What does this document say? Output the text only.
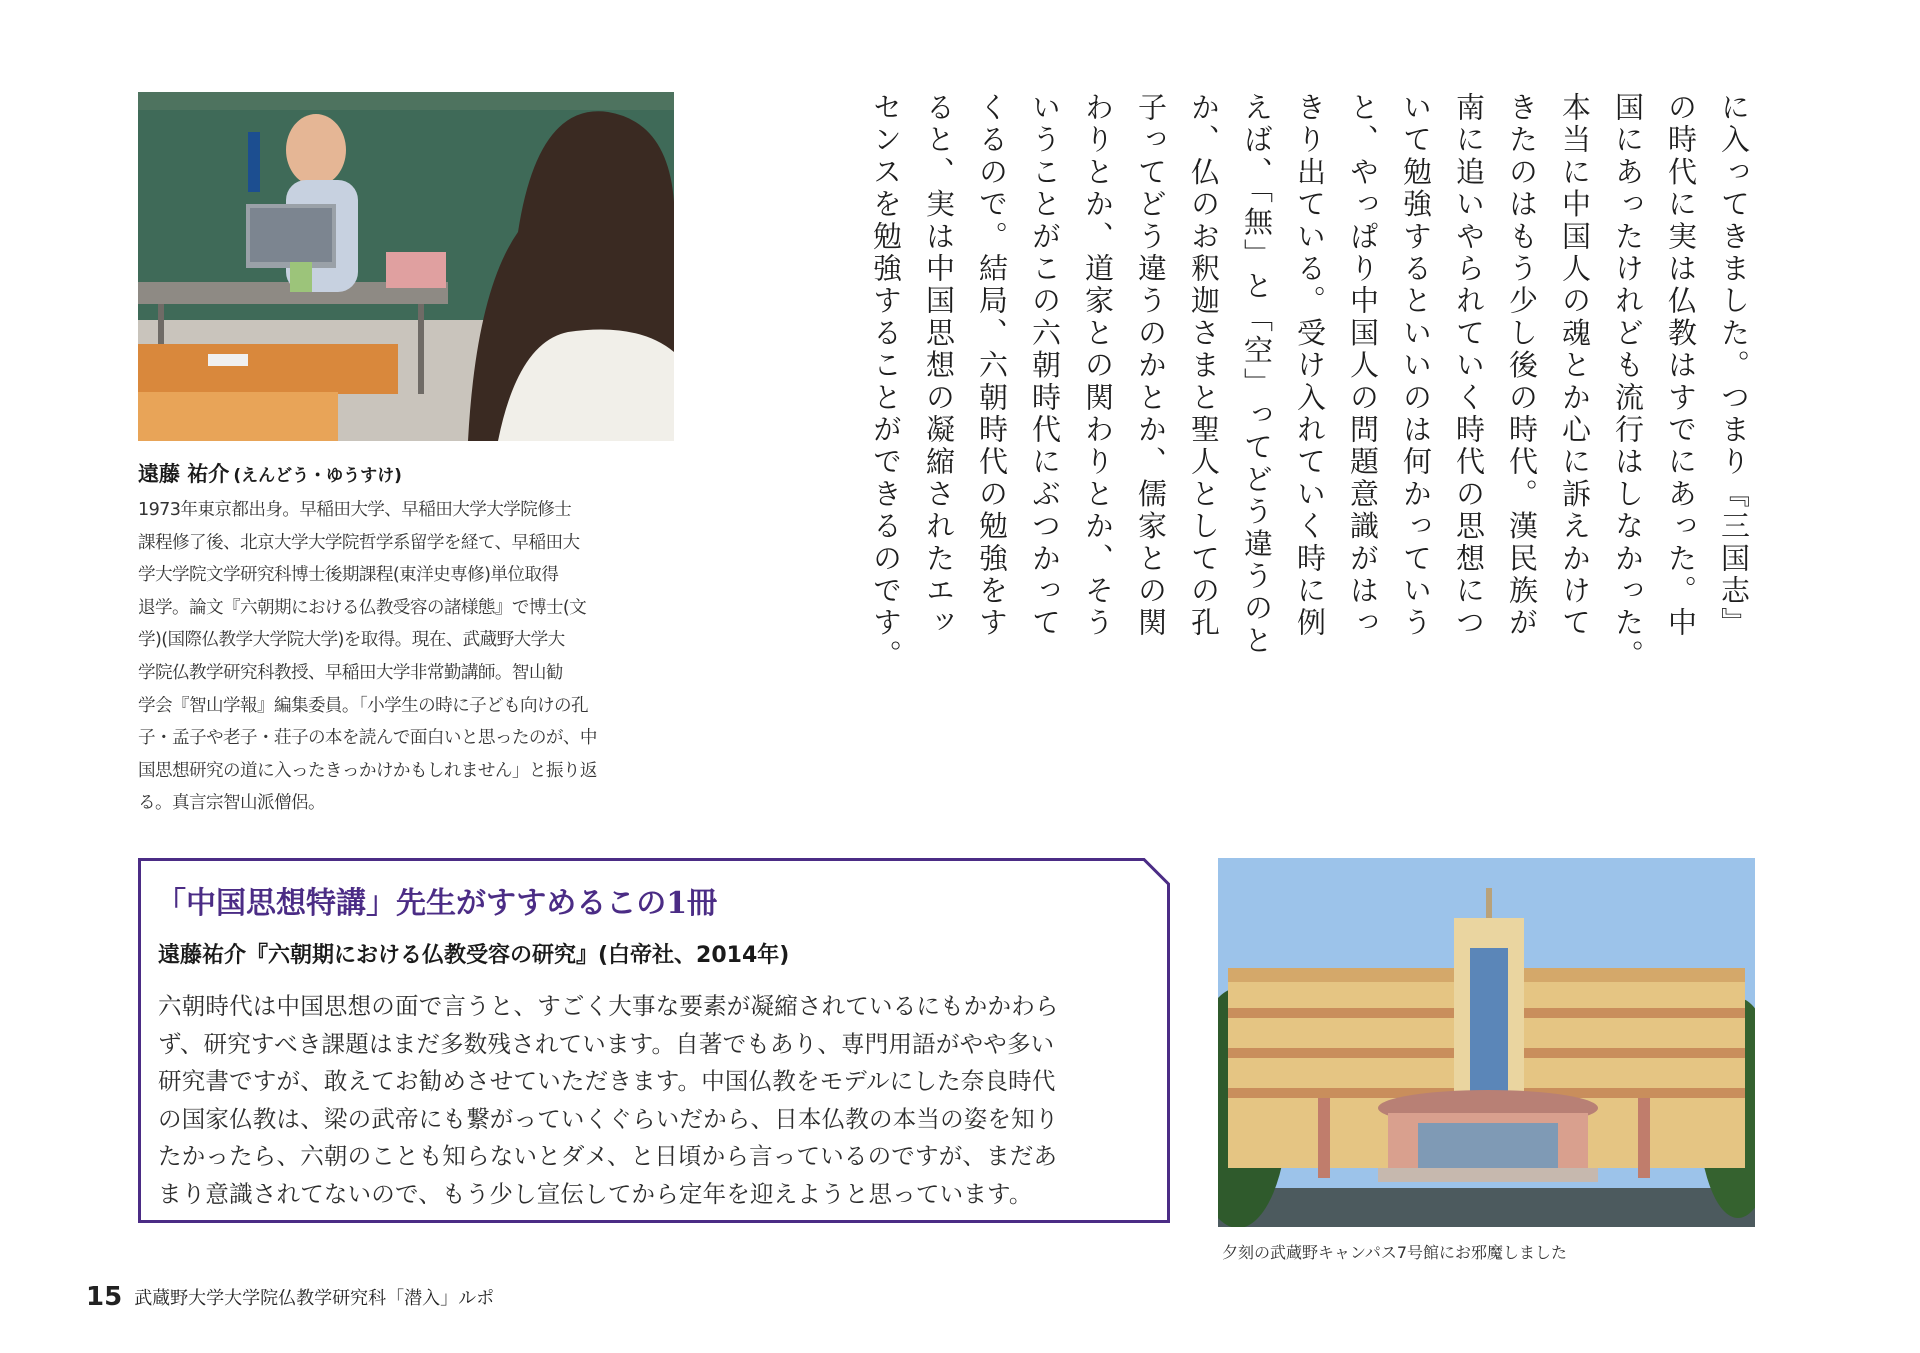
遠藤 祐介 (えんどう・ゆうすけ)
1973年東京都出身。早稲田大学、早稲田大学大学院修士
課程修了後、北京大学大学院哲学系留学を経て、早稲田大
学大学院文学研究科博士後期課程(東洋史専修)単位取得
退学。論文『六朝期における仏教受容の諸様態』で博士(文
学)(国際仏教学大学院大学)を取得。現在、武蔵野大学大
学院仏教学研究科教授、早稲田大学非常勤講師。智山勧
学会『智山学報』編集委員。「小学生の時に子ども向けの孔
子・孟子や老子・荘子の本を読んで面白いと思ったのが、中
国思想研究の道に入ったきっかけかもしれません」と振り返
る。真言宗智山派僧侶。
に入ってきました。つまり『三国志』
の時代に実は仏教はすでにあった。中
国にあったけれども流行はしなかった。
本当に中国人の魂とか心に訴えかけて
きたのはもう少し後の時代。漢民族が
南に追いやられていく時代の思想につ
いて勉強するといいのは何かっていう
と、やっぱり中国人の問題意識がはっ
きり出ている。受け入れていく時に例
えば、「無」と「空」ってどう違うのと
か、仏のお釈迦さまと聖人としての孔
子ってどう違うのかとか、儒家との関
わりとか、道家との関わりとか、そう
いうことがこの六朝時代にぶつかって
くるので。結局、六朝時代の勉強をす
ると、実は中国思想の凝縮されたエッ
センスを勉強することができるのです。
「中国思想特講」先生がすすめるこの1冊
遠藤祐介『六朝期における仏教受容の研究』(白帝社、2014年)
六朝時代は中国思想の面で言うと、すごく大事な要素が凝縮されているにもかかわら
ず、研究すべき課題はまだ多数残されています。自著でもあり、専門用語がやや多い
研究書ですが、敢えてお勧めさせていただきます。中国仏教をモデルにした奈良時代
の国家仏教は、梁の武帝にも繋がっていくぐらいだから、日本仏教の本当の姿を知り
たかったら、六朝のことも知らないとダメ、と日頃から言っているのですが、まだあ
まり意識されてないので、もう少し宣伝してから定年を迎えようと思っています。
夕刻の武蔵野キャンパス7号館にお邪魔しました
15 武蔵野大学大学院仏教学研究科「潜入」ルポ
